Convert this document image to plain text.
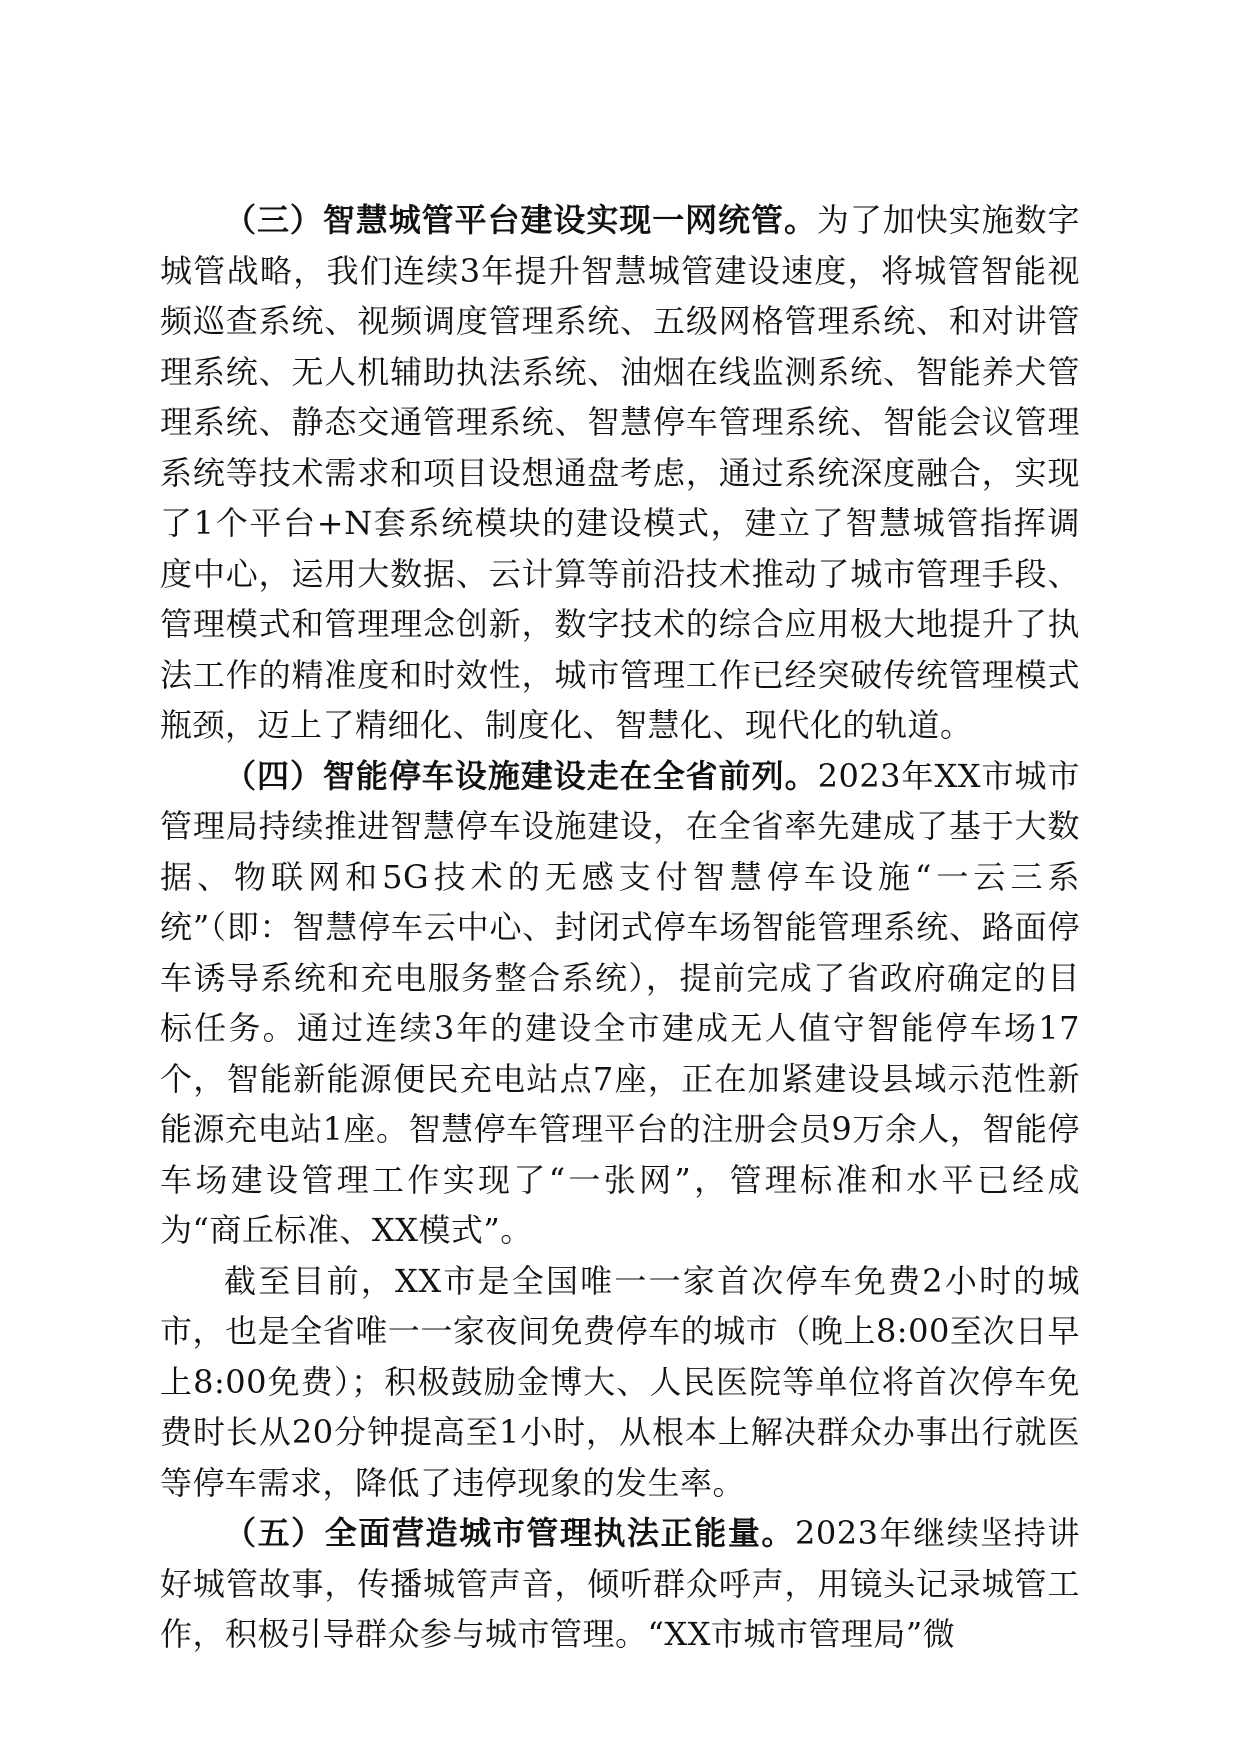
（三）智慧城管平台建设实现一网统管。为了加快实施数字城管战略，我们连续3年提升智慧城管建设速度，将城管智能视频巡查系统、视频调度管理系统、五级网格管理系统、和对讲管理系统、无人机辅助执法系统、油烟在线监测系统、智能养犬管理系统、静态交通管理系统、智慧停车管理系统、智能会议管理系统等技术需求和项目设想通盘考虑，通过系统深度融合，实现了1个平台+N套系统模块的建设模式，建立了智慧城管指挥调度中心，运用大数据、云计算等前沿技术推动了城市管理手段、管理模式和管理理念创新，数字技术的综合应用极大地提升了执法工作的精准度和时效性，城市管理工作已经突破传统管理模式瓶颈，迈上了精细化、制度化、智慧化、现代化的轨道。

（四）智能停车设施建设走在全省前列。2023年XX市城市管理局持续推进智慧停车设施建设，在全省率先建成了基于大数据、物联网和5G技术的无感支付智慧停车设施“一云三系统”（即：智慧停车云中心、封闭式停车场智能管理系统、路面停车诱导系统和充电服务整合系统），提前完成了省政府确定的目标任务。通过连续3年的建设全市建成无人值守智能停车场17个，智能新能源便民充电站点7座，正在加紧建设县域示范性新能源充电站1座。智慧停车管理平台的注册会员9万余人，智能停车场建设管理工作实现了“一张网”，管理标准和水平已经成为“商丘标准、XX模式”。

截至目前，XX市是全国唯一一家首次停车免费2小时的城市，也是全省唯一一家夜间免费停车的城市（晚上8:00至次日早上8:00免费）；积极鼓励金博大、人民医院等单位将首次停车免费时长从20分钟提高至1小时，从根本上解决群众办事出行就医等停车需求，降低了违停现象的发生率。

（五）全面营造城市管理执法正能量。2023年继续坚持讲好城管故事，传播城管声音，倾听群众呼声，用镜头记录城管工作，积极引导群众参与城市管理。“XX市城市管理局”微
